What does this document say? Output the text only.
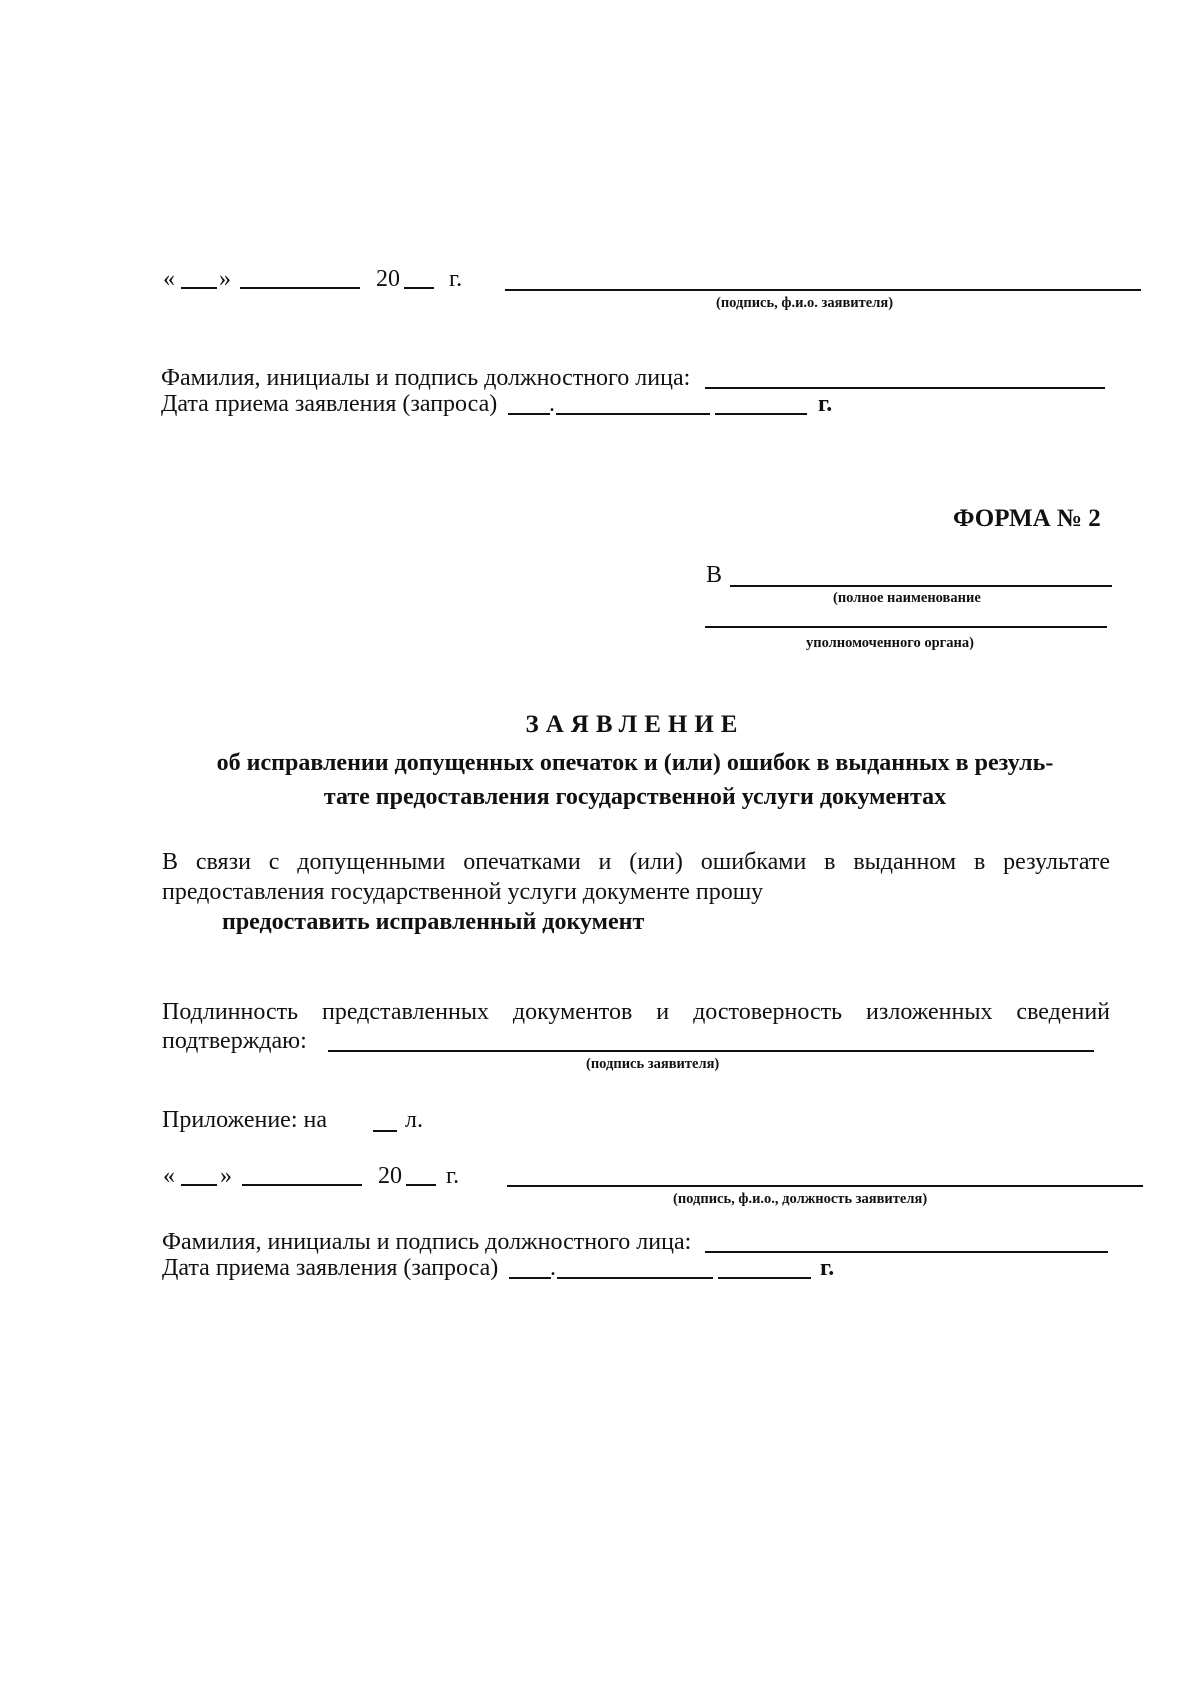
« »	20 г.
(подпись, ф.и.о. заявителя)
Фамилия, инициалы и подпись должностного лица:
Дата приема заявления (запроса) .	г.
ФОРМА № 2
В
(полное наименование
уполномоченного органа)
ЗАЯВЛЕНИЕ
об исправлении допущенных опечаток и (или) ошибок в выданных в резуль-
тате предоставления государственной услуги документах
В связи с допущенными опечатками и (или) ошибками в выданном в результате
предоставления государственной услуги документе прошу
предоставить исправленный документ
Подлинность представленных документов и достоверность изложенных сведений
подтверждаю:
(подпись заявителя)
Приложение: на	л.
« »	20 г.
(подпись, ф.и.о., должность заявителя)
Фамилия, инициалы и подпись должностного лица:
Дата приема заявления (запроса) .	г.
